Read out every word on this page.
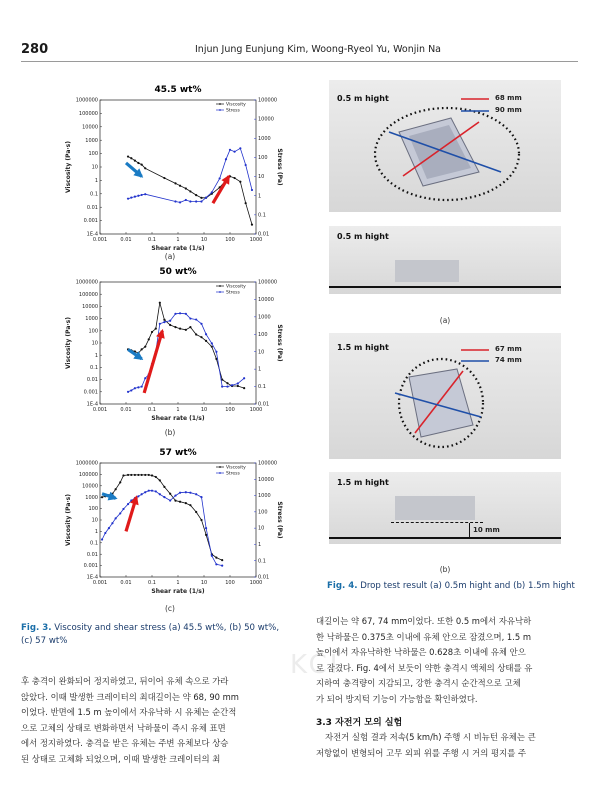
280	Injun Jung Eunjung Kim, Woong-Ryeol Yu, Wonjin Na
45.5 wt%
0.001	0.01	0.1	1	10	100	1000
1E-4
0.001
0.01
0.1
1
10
100
1000
10000
100000
1000000
0.01
0.1
1
10
100
1000
10000
100000
Shear rate (1/s)
Viscosity (Pa·s)	Stress (Pa)
Viscosity
Stress
(a)
50 wt%
0.001	0.01	0.1	1	10	100	1000
1E-4
0.001
0.01
0.1
1
10
100
1000
10000
100000
1000000
0.01
0.1
1
10
100
1000
10000
100000
Shear rate (1/s)
Viscosity (Pa·s)	Stress (Pa)
Viscosity
Stress
(b)
57 wt%
0.001	0.01	0.1	1	10	100	1000
1E-4
0.001
0.01
0.1
1
10
100
1000
10000
100000
1000000
0.01
0.1
1
10
100
1000
10000
100000
Shear rate (1/s)
Viscosity (Pa·s)	Stress (Pa)
Viscosity
Stress
(c)
0.5 m hight	68 mm
90 mm
0.5 m hight
(a)
1.5 m hight	67 mm
74 mm
1.5 m hight
10 mm
(b)
Fig. 3. Viscosity and shear stress (a) 45.5 wt%, (b) 50 wt%, (c) 57 wt%
Fig. 4. Drop test result (a) 0.5m hight and (b) 1.5m hight
KCI
후 충격이 완화되어 정지하였고, 뒤이어 유체 속으로 가라
앉았다. 이때 발생한 크레이터의 최대길이는 약 68, 90 mm
이었다. 반면에 1.5 m 높이에서 자유낙하 시 유체는 순간적
으로 고체의 상태로 변화하면서 낙하물이 즉시 유체 표면
에서 정지하였다. 충격을 받은 유체는 주변 유체보다 상승
된 상태로 고체화 되었으며, 이때 발생한 크레이터의 최
대길이는 약 67, 74 mm이었다. 또한 0.5 m에서 자유낙하
한 낙하물은 0.375초 이내에 유체 안으로 잠겼으며, 1.5 m
높이에서 자유낙하한 낙하물은 0.628초 이내에 유체 안으
로 잠겼다. Fig. 4에서 보듯이 약한 충격시 액체의 상태를 유
지하여 충격량이 지감되고, 강한 충격시 순간적으로 고체
가 되어 방지턱 기능이 가능함을 확인하였다.
3.3 자전거 모의 실험
자전거 실험 결과 저속(5 km/h) 주행 시 비뉴턴 유체는 큰
저항없이 변형되어 고무 외피 위를 주행 시 거의 평지를 주
